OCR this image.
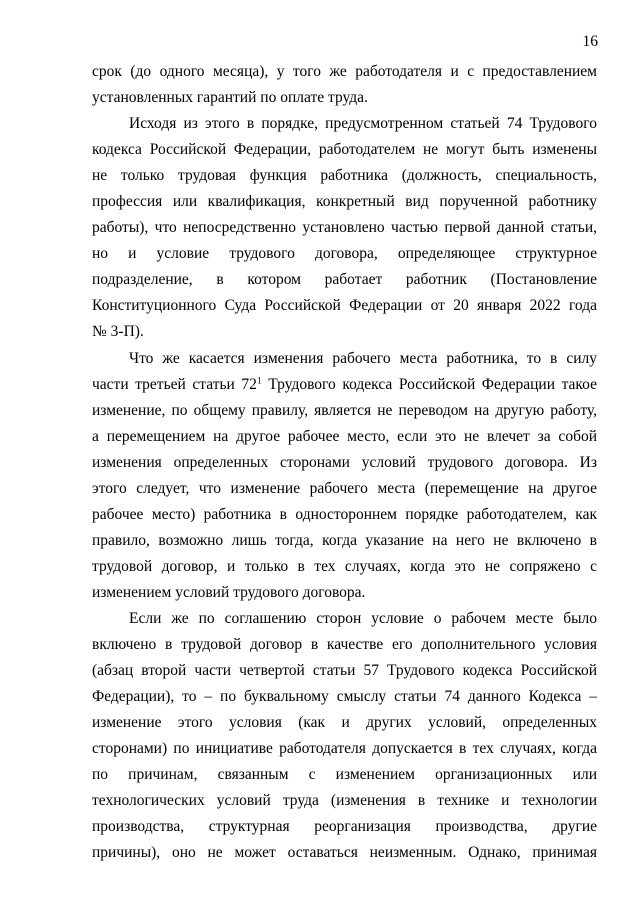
16
срок (до одного месяца), у того же работодателя и с предоставлением
установленных гарантий по оплате труда.
Исходя из этого в порядке, предусмотренном статьей 74 Трудового
кодекса Российской Федерации, работодателем не могут быть изменены
не только трудовая функция работника (должность, специальность,
профессия или квалификация, конкретный вид порученной работнику
работы), что непосредственно установлено частью первой данной статьи,
но и условие трудового договора, определяющее структурное
подразделение, в котором работает работник (Постановление
Конституционного Суда Российской Федерации от 20 января 2022 года
№ 3-П).
Что же касается изменения рабочего места работника, то в силу
части третьей статьи $72^1$ Трудового кодекса Российской Федерации такое
изменение, по общему правилу, является не переводом на другую работу,
а перемещением на другое рабочее место, если это не влечет за собой
изменения определенных сторонами условий трудового договора. Из
этого следует, что изменение рабочего места (перемещение на другое
рабочее место) работника в одностороннем порядке работодателем, как
правило, возможно лишь тогда, когда указание на него не включено в
трудовой договор, и только в тех случаях, когда это не сопряжено с
изменением условий трудового договора.
Если же по соглашению сторон условие о рабочем месте было
включено в трудовой договор в качестве его дополнительного условия
(абзац второй части четвертой статьи 57 Трудового кодекса Российской
Федерации), то – по буквальному смыслу статьи 74 данного Кодекса –
изменение этого условия (как и других условий, определенных
сторонами) по инициативе работодателя допускается в тех случаях, когда
по причинам, связанным с изменением организационных или
технологических условий труда (изменения в технике и технологии
производства, структурная реорганизация производства, другие
причины), оно не может оставаться неизменным. Однако, принимая
